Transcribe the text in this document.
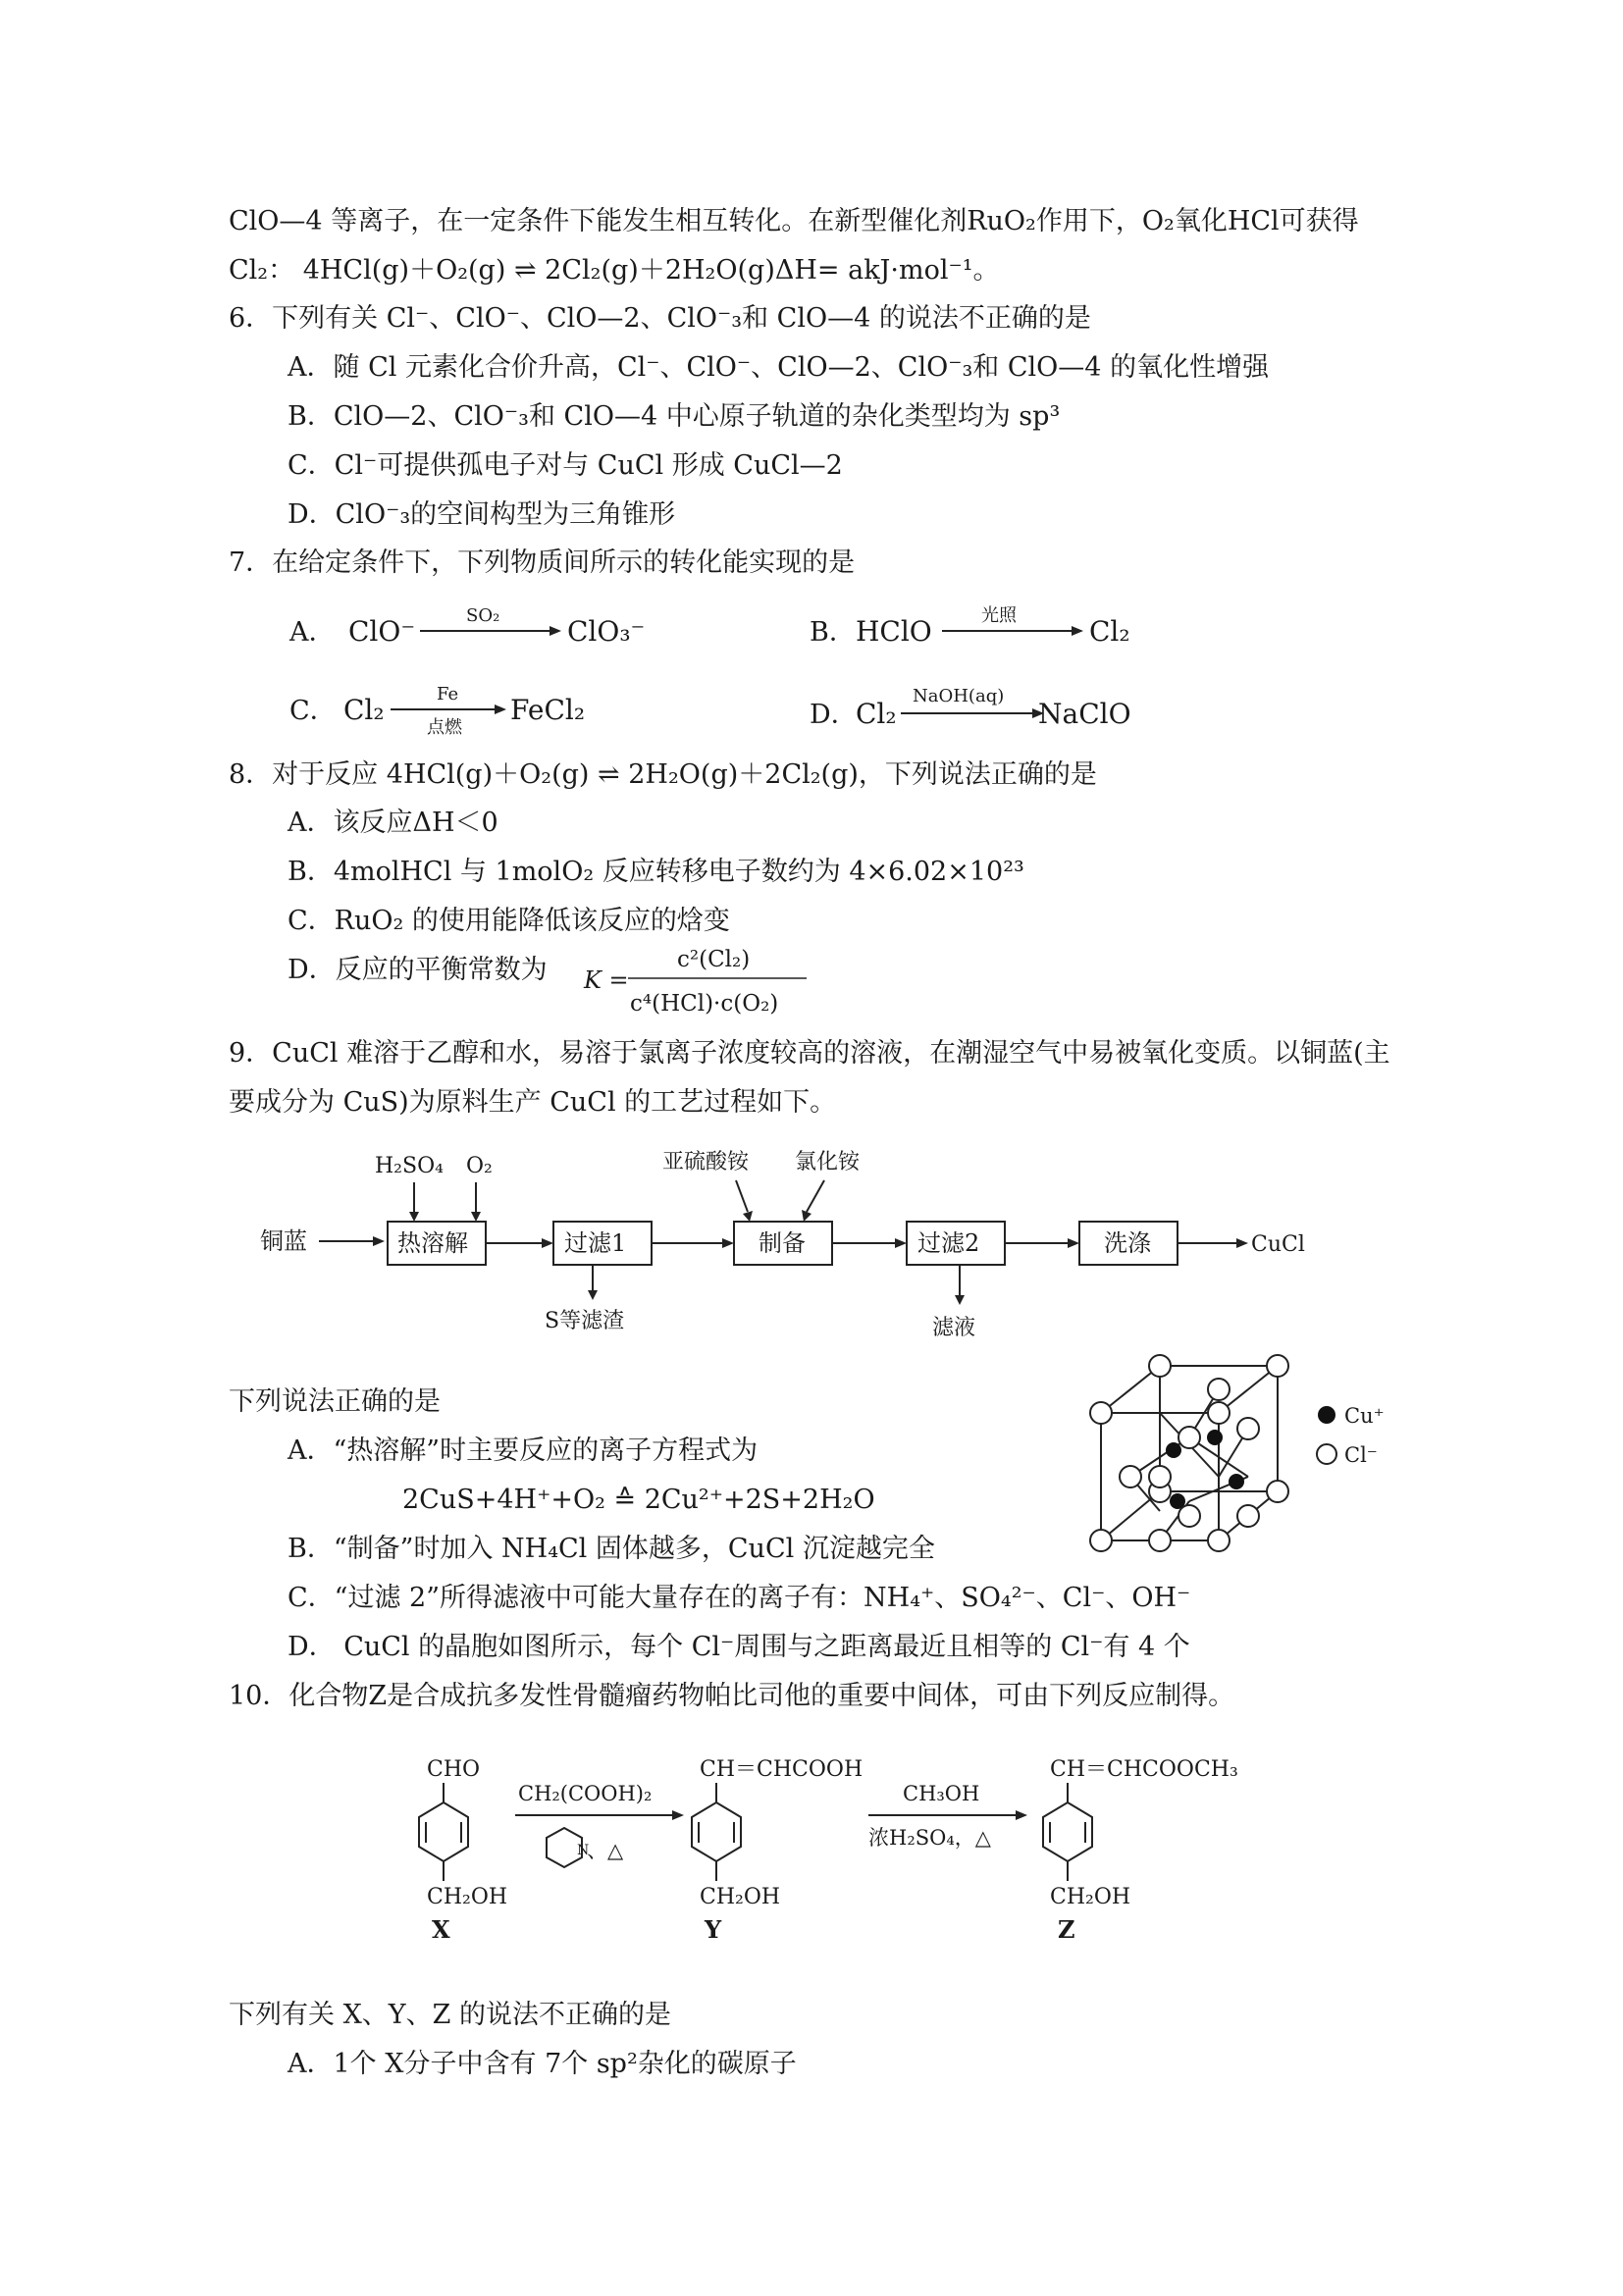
ClO—4 等离子，在一定条件下能发生相互转化。在新型催化剂RuO₂作用下，O₂氧化HCl可获得
Cl₂： 4HCl(g)＋O₂(g) ⇌ 2Cl₂(g)＋2H₂O(g)ΔH= akJ·mol⁻¹。
6．下列有关 Cl⁻、ClO⁻、ClO—2、ClO⁻₃和 ClO—4 的说法不正确的是
A．随 Cl 元素化合价升高，Cl⁻、ClO⁻、ClO—2、ClO⁻₃和 ClO—4 的氧化性增强
B．ClO—2、ClO⁻₃和 ClO—4 中心原子轨道的杂化类型均为 sp³
C．Cl⁻可提供孤电子对与 CuCl 形成 CuCl—2
D．ClO⁻₃的空间构型为三角锥形
7．在给定条件下，下列物质间所示的转化能实现的是
A． ClO⁻	SO₂ ClO₃⁻	B． HClO	光照	Cl₂
C． Cl₂	Fe
点燃
FeCl₂	D．
Cl₂
NaOH(aq)
NaClO
8．对于反应 4HCl(g)＋O₂(g) ⇌ 2H₂O(g)＋2Cl₂(g)，下列说法正确的是
A．该反应ΔH＜0
B．4molHCl 与 1molO₂ 反应转移电子数约为 4×6.02×10²³
C．RuO₂ 的使用能降低该反应的焓变
D．反应的平衡常数为 K =
c²(Cl₂)
c⁴(HCl)·c(O₂)
9．CuCl 难溶于乙醇和水，易溶于氯离子浓度较高的溶液，在潮湿空气中易被氧化变质。以铜蓝(主
要成分为 CuS)为原料生产 CuCl 的工艺过程如下。
铜蓝
H₂SO₄ O₂
热溶解	过滤1
S等滤渣
亚硫酸铵 氯化铵
制备	过滤2
滤液
洗涤	CuCl
下列说法正确的是
A．“热溶解”时主要反应的离子方程式为
2CuS+4H⁺+O₂ ≙ 2Cu²⁺+2S+2H₂O
B．“制备”时加入 NH₄Cl 固体越多，CuCl 沉淀越完全
C．“过滤 2”所得滤液中可能大量存在的离子有：NH₄⁺、SO₄²⁻、Cl⁻、OH⁻
D． CuCl 的晶胞如图所示，每个 Cl⁻周围与之距离最近且相等的 Cl⁻有 4 个
Cu⁺
Cl⁻
10．化合物Z是合成抗多发性骨髓瘤药物帕比司他的重要中间体，可由下列反应制得。
CHO
CH₂OH
X
CH₂(COOH)₂
N
、△
CH＝CHCOOH
CH₂OH
Y
CH₃OH
浓H₂SO₄，△
CH＝CHCOOCH₃
CH₂OH
Z
下列有关 X、Y、Z 的说法不正确的是
A．1个 X分子中含有 7个 sp²杂化的碳原子
